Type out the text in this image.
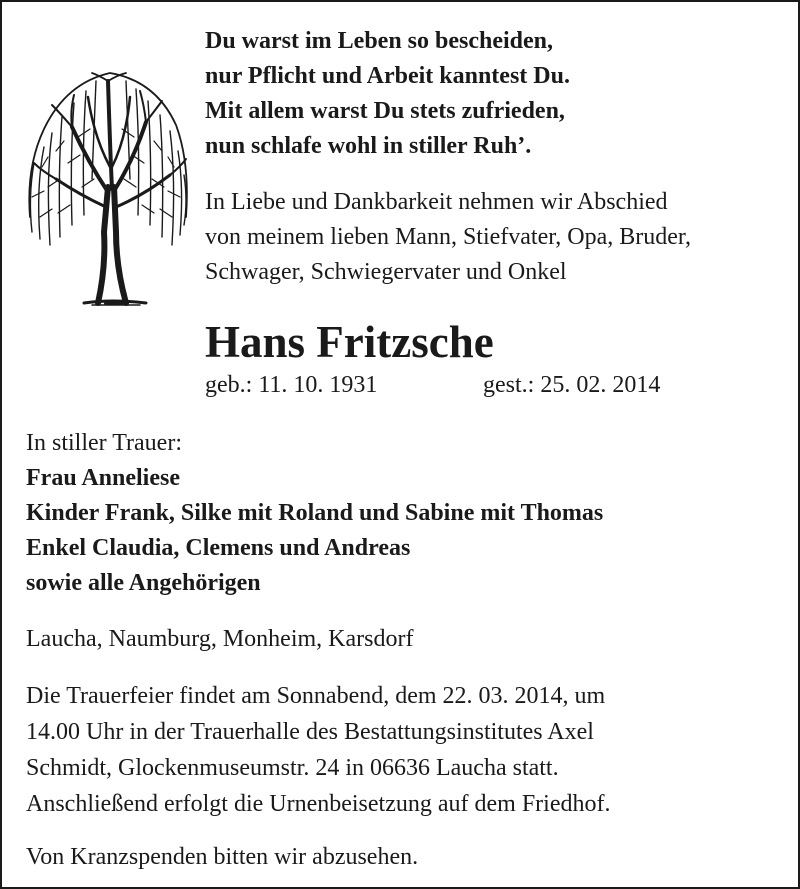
Du warst im Leben so bescheiden,
nur Pflicht und Arbeit kanntest Du.
Mit allem warst Du stets zufrieden,
nun schlafe wohl in stiller Ruh’.
In Liebe und Dankbarkeit nehmen wir Abschied
von meinem lieben Mann, Stiefvater, Opa, Bruder,
Schwager, Schwiegervater und Onkel
Hans Fritzsche
geb.: 11. 10. 1931	gest.: 25. 02. 2014
In stiller Trauer:
Frau Anneliese
Kinder Frank, Silke mit Roland und Sabine mit Thomas
Enkel Claudia, Clemens und Andreas
sowie alle Angehörigen
Laucha, Naumburg, Monheim, Karsdorf
Die Trauerfeier findet am Sonnabend, dem 22. 03. 2014, um
14.00 Uhr in der Trauerhalle des Bestattungsinstitutes Axel
Schmidt, Glockenmuseumstr. 24 in 06636 Laucha statt.
Anschließend erfolgt die Urnenbeisetzung auf dem Friedhof.
Von Kranzspenden bitten wir abzusehen.
